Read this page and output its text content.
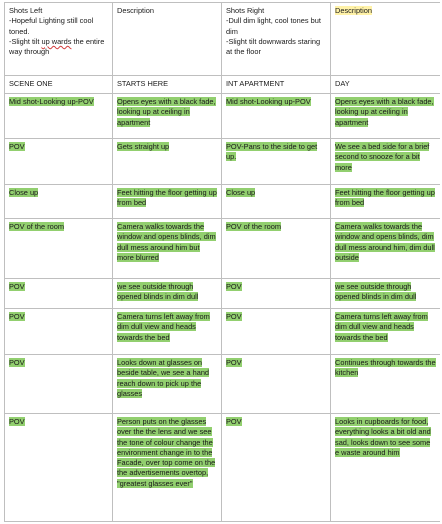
Shots Left
-Hopeful Lighting still cool toned.
-Slight tilt up wards the entire way through	Description	Shots Right
-Dull dim light, cool tones but dim
-Slight tilt downwards staring at the floor	Description
SCENE ONE	STARTS HERE	INT APARTMENT	DAY
Mid shot-Looking up-POV	Opens eyes with a black fade, looking up at ceiling in apartment	Mid shot-Looking up-POV	Opens eyes with a black fade, looking up at ceiling in apartment
POV	Gets straight up	POV-Pans to the side to get up.	We see a bed side for a brief second to snooze for a bit more
Close up	Feet hitting the floor getting up from bed	Close up	Feet hitting the floor getting up from bed
POV of the room	Camera walks towards the window and opens blinds, dim dull mess around him but more blurred	POV of the room	Camera walks towards the window and opens blinds, dim dull mess around him, dim dull outside
POV	we see outside through opened blinds in dim dull	POV	we see outside through opened blinds in dim dull
POV	Camera turns left away from dim dull view and heads towards the bed	POV	Camera turns left away from dim dull view and heads towards the bed
POV	Looks down at glasses on beside table, we see a hand reach down to pick up the glasses	POV	Continues through towards the kitchen
POV	Person puts on the glasses over the the lens and we see the tone of colour change the environment change in to the Facade, over top come on the the advertisements overtop, "greatest glasses ever"	POV	Looks in cupboards for food, everything looks a bit old and sad, looks down to see some e waste around him
